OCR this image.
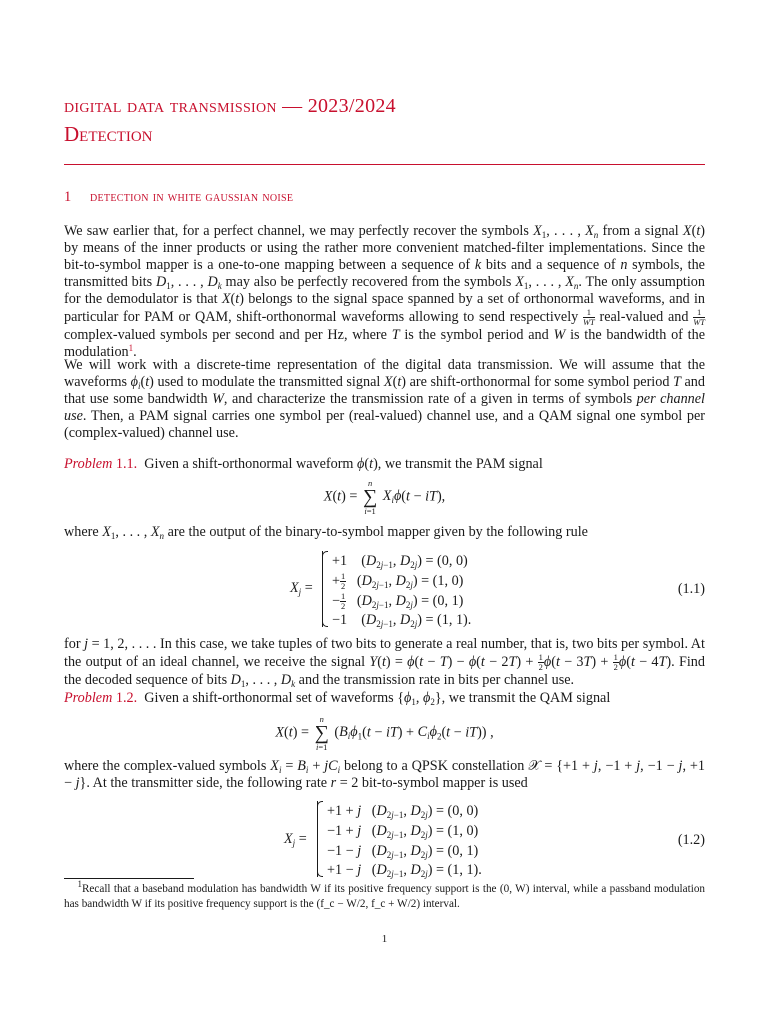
digital data transmission — 2023/2024
Detection
1 detection in white gaussian noise

We saw earlier that, for a perfect channel, we may perfectly recover the symbols $X_1$, . . . , $X_n$ from a signal X(t) by means of the inner products or using the rather more convenient matched-filter implementations. Since the bit-to-symbol mapper is a one-to-one mapping between a sequence of k bits and a sequence of n symbols, the transmitted bits $D_1$, . . . , $D_k$ may also be perfectly recovered from the symbols $X_1$, . . . , $X_n$. The only assumption for the demodulator is that X(t) belongs to the signal space spanned by a set of orthonormal waveforms, and in particular for PAM or QAM, shift-orthonormal waveforms allowing to send respectively $\frac{1}{WT}$ real-valued and $\frac{1}{WT}$
complex-valued symbols per second and per Hz, where T is the symbol period and W is the bandwidth of the modulation$^1$.

We will work with a discrete-time representation of the digital data transmission. We will assume that the waveforms $\phi_i(t)$ used to modulate the transmitted signal X(t) are shift-orthonormal for some symbol period T and that use some bandwidth W, and characterize the transmission rate of a given in terms of symbols per channel use. Then, a PAM signal carries one symbol per (real-valued) channel use, and a QAM signal one symbol per (complex-valued) channel use.

Problem 1.1.  Given a shift-orthonormal waveform ϕ(t), we transmit the PAM signal

X(t) =
n
∑
i=1
$X_i\phi(t - iT)$,

where $X_1$, . . . , $X_n$ are the output of the binary-to-symbol mapper given by the following rule

$X_j$ =
+1    ($D_{2j-1}$, $D_{2j}) = (0$, 0)
+ $\frac{1}{2} (D_{2j-1}$, $D_{2j}) = (1$, 0)
− $\frac{1}{2} (D_{2j-1}$, $D_{2j}) = (0$, 1)
−1    ($D_{2j-1}$, $D_{2j}) = (1$, 1).
(1.1)

for j = 1, 2, . . . . In this case, we take tuples of two bits to generate a real number, that is, two bits per symbol. At the output of an ideal channel, we receive the signal $Y(t) = \phi(t - T) - \phi(t - 2T) + \frac{1}{2} \phi(t - 3T) + \frac{1}{2} \phi(t - 4T)$. Find the decoded sequence of bits $D_1$, . . . , $D_k$ and the transmission rate in bits per channel use.

Problem 1.2.  Given a shift-orthonormal set of waveforms {$\phi_1$, $\phi_2$}, we transmit the QAM signal

X(t) =
n
∑
i=1
$(B_i\phi_1(t - iT) + C_i\phi_2(t - iT))$ ,

where the complex-valued symbols $X_i = B_i + jC_i$ belong to a QPSK constellation 𝒳 = {+1 + j, −1 + j, −1 − j, +1 − j}. At the transmitter side, the following rate r = 2 bit-to-symbol mapper is used

$X_j$ =
+1 + j   ($D_{2j-1}$, $D_{2j}) = (0$, 0)
−1 + j   ($D_{2j-1}$, $D_{2j}) = (1$, 0)
−1 − j   ($D_{2j-1}$, $D_{2j}) = (0$, 1)
+1 − j   ($D_{2j-1}$, $D_{2j}) = (1$, 1).
(1.2)
$^1$Recall that a baseband modulation has bandwidth W if its positive frequency support is the (0, W) interval, while a passband modulation has bandwidth W if its positive frequency support is the (f_c − W/2, f_c + W/2) interval.
1
